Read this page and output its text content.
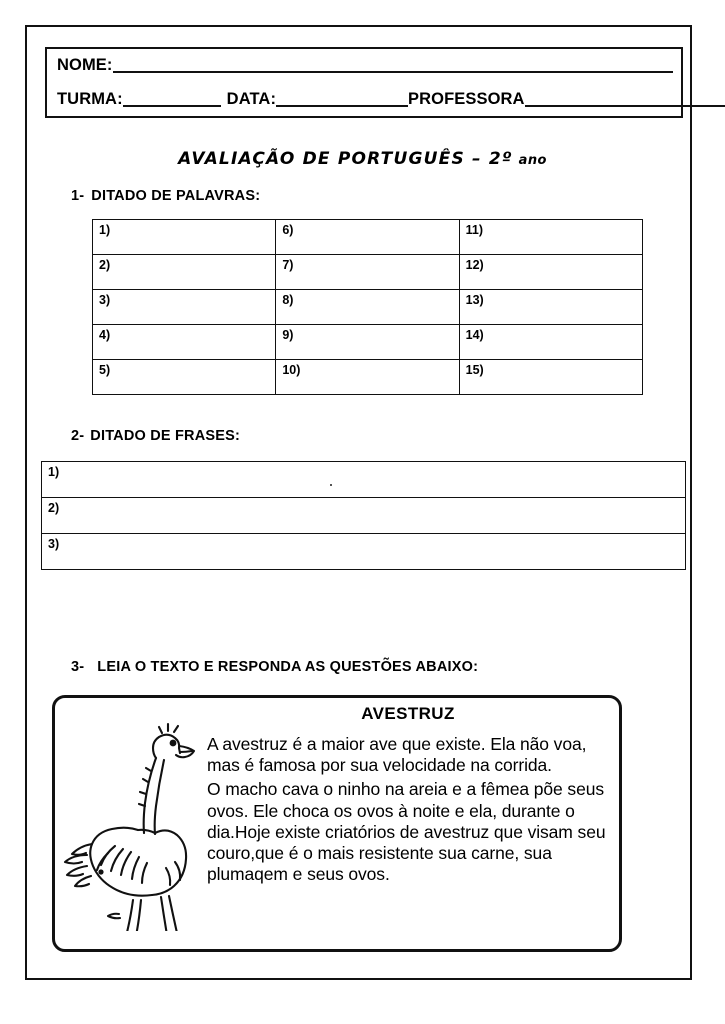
NOME:
TURMA:	DATA:	PROFESSORA
AVALIAÇÃO DE PORTUGUÊS – 2º ano
1- DITADO DE PALAVRAS:
1)	6)	11)
2)	7)	12)
3)	8)	13)
4)	9)	14)
5)	10)	15)
2- DITADO DE FRASES:
1)
2)
3)
3- LEIA O TEXTO E RESPONDA AS QUESTÕES ABAIXO:
AVESTRUZ

A avestruz é a maior ave que existe. Ela não voa, mas é famosa por sua velocidade na corrida.

O macho cava o ninho na areia e a fêmea põe seus ovos. Ele choca os ovos à noite e ela, durante o dia.Hoje existe criatórios de avestruz que visam seu couro,que é o mais resistente sua carne, sua plumaqem e seus ovos.
